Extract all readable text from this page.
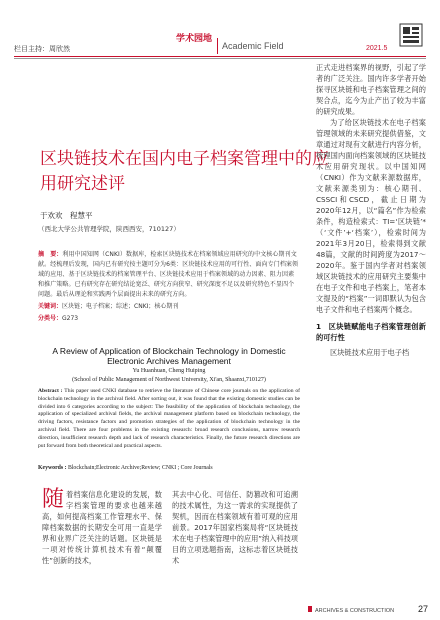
栏目主持：周欣然
学术园地
Academic Field	2021.5
区块链技术在国内电子档案管理中的应用研究述评
于欢欢　程慧平
（西北大学公共管理学院，陕西西安，710127）

摘　要：利用中国知网（CNKI）数据库，检索区块链技术在档案领域应用研究的中文核心期刊文献。经梳理后发现，国内已有研究按主题可分为6类：区块链技术应用的可行性、面向专门档案领域的应用、基于区块链技术的档案管理平台、区块链技术应用于档案领域的动力因素、阻力因素和推广策略。已有研究存在研究结论宽泛、研究方向狭窄、研究深度不足以及研究特色不显四个问题。最后从理论和实践两个层面提出未来的研究方向。

关键词：区块链；电子档案；综述；CNKI；核心期刊

分类号：G273

A Review of Application of Blockchain Technology in Domestic Electronic Archives Management
Yu Huanhuan, Cheng Huiping
(School of Public Management of Northwest University, Xi'an, Shaanxi,710127)
Abstract : This paper used CNKI database to retrieve the literature of Chinese core journals on the application of blockchain technology in the archival field. After sorting out, it was found that the existing domestic studies can be divided into 6 categories according to the subject: The feasibility of the application of blockchain technology, the application of specialized archival fields, the archival management platform based on blockchain technology, the driving factors, resistance factors and promotion strategies of the application of blockchain technology in the archival field. There are four problems in the existing research: broad research conclusions, narrow research direction, insufficient research depth and lack of research characteristics. Finally, the future research directions are put forward from both theoretical and practical aspects.
Keywords : Blockchain;Electronic Archive;Review; CNKI ; Core Journals
随着档案信息化建设的发展，数字档案管理的要求也越来越高，如何提高档案工作管理水平、保障档案数据的长期安全可用一直是学界和业界广泛关注的话题。区块链是一项对传统计算机技术有着“颠覆性”创新的技术，
其去中心化、可信任、防篡改和可追溯的技术属性，为这一需求的实现提供了契机，因而在档案领域有着可观的应用前景。2017年国家档案局将“区块链技术在电子档案管理中的应用”纳入科技项目的立项选题指南，这标志着区块链技术

正式走进档案界的视野，引起了学者的广泛关注。国内许多学者开始探寻区块链和电子档案管理之间的契合点，迄今为止产出了较为丰富的研究成果。

为了给区块链技术在电子档案管理领域的未来研究提供借鉴，文章通过对现有文献进行内容分析，梳理国内面向档案领域的区块链技术应用研究现状。以中国知网（CNKI）作为文献来源数据库，文献来源类别为：核心期刊、CSSCI和CSCD，截止日期为2020年12月，以“篇名”作为检索条件，构造检索式：TI=‘区块链’*（‘文件’+‘档案’），检索时间为2021年3月20日，检索得到文献48篇，文献的时间跨度为2017～2020年。鉴于国内学者对档案领域区块链技术的应用研究主要集中在电子文件和电子档案上，笔者本文提及的“档案”一词即默认为包含电子文件和电子档案两个概念。

1　区块链赋能电子档案管理创新的可行性

区块链技术应用于电子档

ARCHIVES & CONSTRUCTION	27
